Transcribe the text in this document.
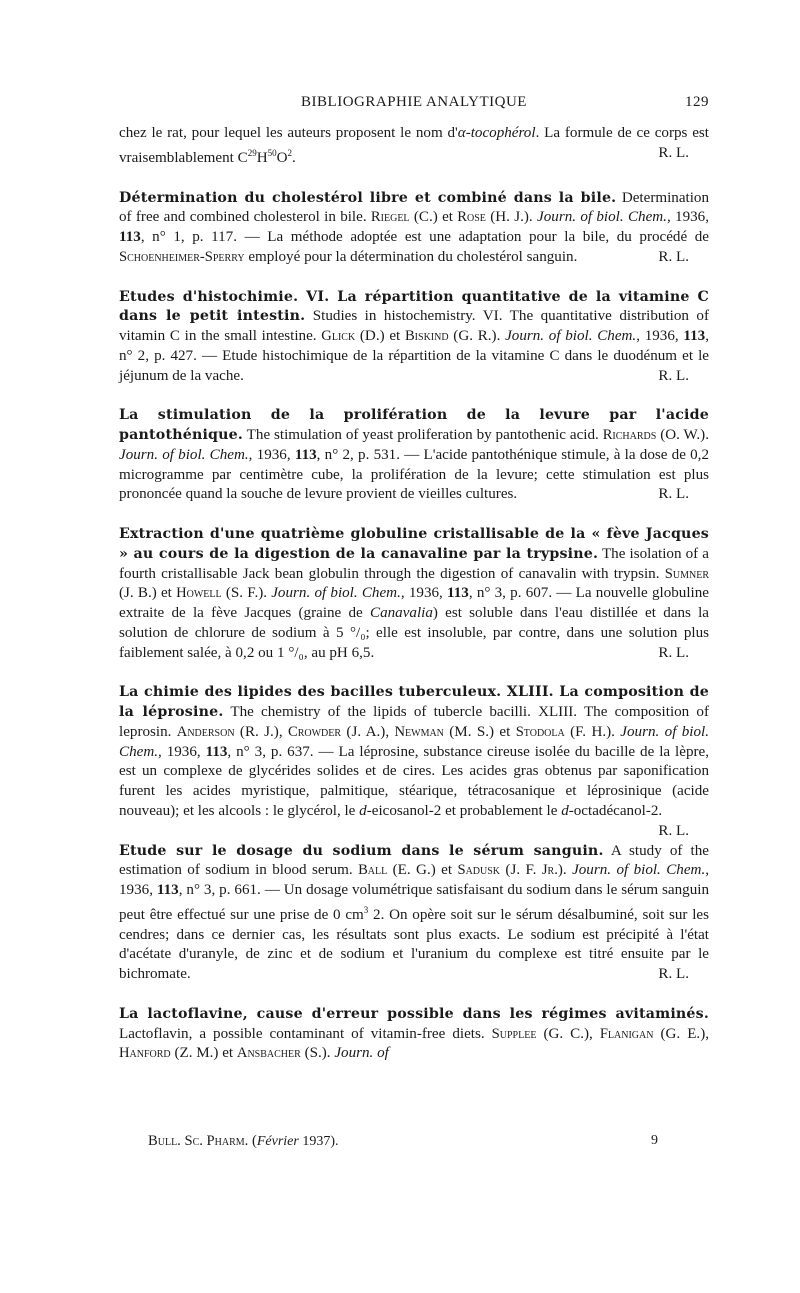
BIBLIOGRAPHIE ANALYTIQUE	129

chez le rat, pour lequel les auteurs proposent le nom d'α-tocophérol. La formule de ce corps est vraisemblablement $C^{29}H^{50}O^2$.	R. L.

Détermination du cholestérol libre et combiné dans la bile. Determination of free and combined cholesterol in bile. Riegel (C.) et Rose (H. J.). Journ. of biol. Chem., 1936, 113, n° 1, p. 117. — La méthode adoptée est une adaptation pour la bile, du procédé de Schoenheimer-Sperry employé pour la détermination du cholestérol sanguin.	R. L.

Etudes d'histochimie. VI. La répartition quantitative de la vitamine C dans le petit intestin. Studies in histochemistry. VI. The quantitative distribution of vitamin C in the small intestine. Glick (D.) et Biskind (G. R.). Journ. of biol. Chem., 1936, 113, n° 2, p. 427. — Etude histochimique de la répartition de la vitamine C dans le duodénum et le jéjunum de la vache.	R. L.

La stimulation de la prolifération de la levure par l'acide pantothénique. The stimulation of yeast proliferation by pantothenic acid. Richards (O. W.). Journ. of biol. Chem., 1936, 113, n° 2, p. 531. — L'acide pantothénique stimule, à la dose de 0,2 microgramme par centimètre cube, la prolifération de la levure; cette stimulation est plus prononcée quand la souche de levure provient de vieilles cultures.	R. L.

Extraction d'une quatrième globuline cristallisable de la « fève Jacques » au cours de la digestion de la canavaline par la trypsine. The isolation of a fourth cristallisable Jack bean globulin through the digestion of canavalin with trypsin. Sumner (J. B.) et Howell (S. F.). Journ. of biol. Chem., 1936, 113, n° 3, p. 607. — La nouvelle globuline extraite de la fève Jacques (graine de Canavalia) est soluble dans l'eau distillée et dans la solution de chlorure de sodium à 5 °/₀; elle est insoluble, par contre, dans une solution plus faiblement salée, à 0,2 ou 1 °/₀, au pH 6,5.	R. L.

La chimie des lipides des bacilles tuberculeux. XLIII. La composition de la léprosine. The chemistry of the lipids of tubercle bacilli. XLIII. The composition of leprosin. Anderson (R. J.), Crowder (J. A.), Newman (M. S.) et Stodola (F. H.). Journ. of biol. Chem., 1936, 113, n° 3, p. 637. — La léprosine, substance cireuse isolée du bacille de la lèpre, est un complexe de glycérides solides et de cires. Les acides gras obtenus par saponification furent les acides myristique, palmitique, stéarique, tétracosanique et léprosinique (acide nouveau); et les alcools : le glycérol, le d-eicosanol-2 et probablement le d-octadécanol-2.
R. L.

Etude sur le dosage du sodium dans le sérum sanguin. A study of the estimation of sodium in blood serum. Ball (E. G.) et Sadusk (J. F. Jr.). Journ. of biol. Chem., 1936, 113, n° 3, p. 661. — Un dosage volumétrique satisfaisant du sodium dans le sérum sanguin peut être effectué sur une prise de 0 $cm^3$ 2. On opère soit sur le sérum désalbuminé, soit sur les cendres; dans ce dernier cas, les résultats sont plus exacts. Le sodium est précipité à l'état d'acétate d'uranyle, de zinc et de sodium et l'uranium du complexe est titré ensuite par le bichromate.	R. L.

La lactoflavine, cause d'erreur possible dans les régimes avitaminés. Lactoflavin, a possible contaminant of vitamin-free diets. Supplee (G. C.), Flanigan (G. E.), Hanford (Z. M.) et Ansbacher (S.). Journ. of

Bull. Sc. Pharm. (Février 1937).	9
